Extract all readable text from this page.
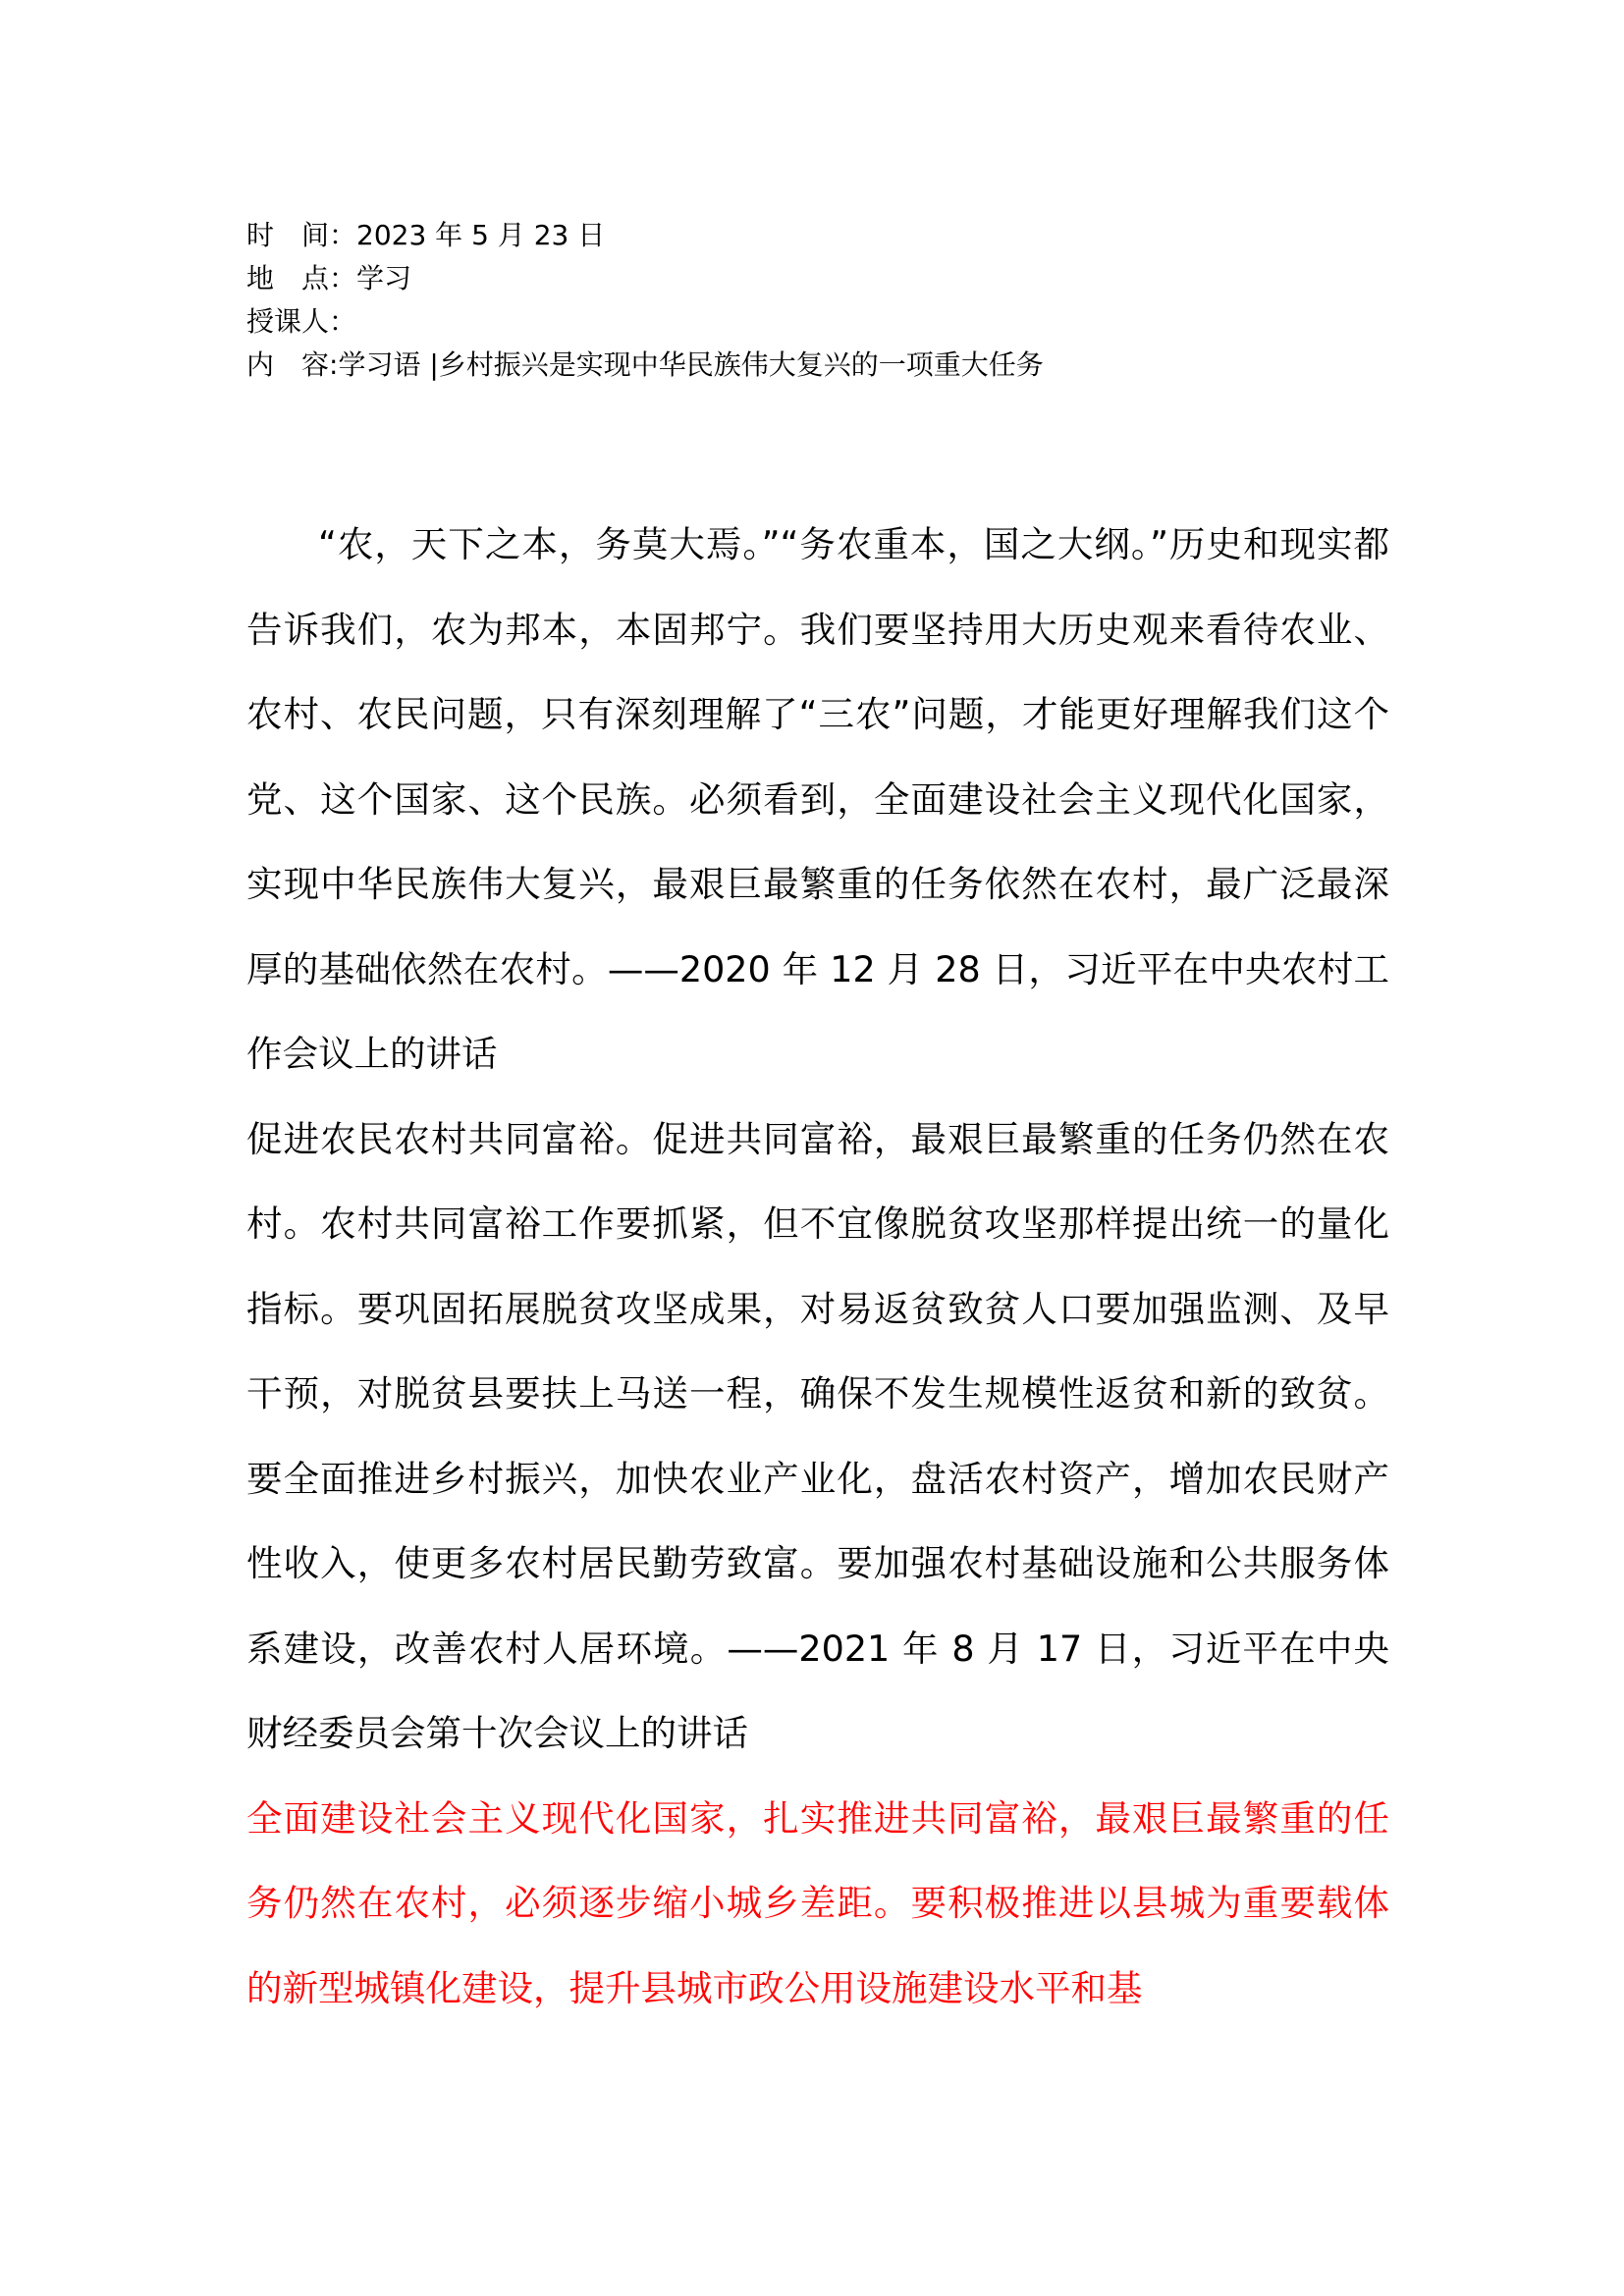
时　间：2023 年 5 月 23 日
地　点：学习
授课人：
内　容:学习语 |乡村振兴是实现中华民族伟大复兴的一项重大任务

“农，天下之本，务莫大焉。”“务农重本，国之大纲。”历史和现实都告诉我们，农为邦本，本固邦宁。我们要坚持用大历史观来看待农业、农村、农民问题，只有深刻理解了“三农”问题，才能更好理解我们这个党、这个国家、这个民族。必须看到，全面建设社会主义现代化国家，实现中华民族伟大复兴，最艰巨最繁重的任务依然在农村，最广泛最深厚的基础依然在农村。——2020 年 12 月 28 日，习近平在中央农村工作会议上的讲话

促进农民农村共同富裕。促进共同富裕，最艰巨最繁重的任务仍然在农村。农村共同富裕工作要抓紧，但不宜像脱贫攻坚那样提出统一的量化指标。要巩固拓展脱贫攻坚成果，对易返贫致贫人口要加强监测、及早干预，对脱贫县要扶上马送一程，确保不发生规模性返贫和新的致贫。要全面推进乡村振兴，加快农业产业化，盘活农村资产，增加农民财产性收入，使更多农村居民勤劳致富。要加强农村基础设施和公共服务体系建设，改善农村人居环境。——2021 年 8 月 17 日，习近平在中央财经委员会第十次会议上的讲话

全面建设社会主义现代化国家，扎实推进共同富裕，最艰巨最繁重的任务仍然在农村，必须逐步缩小城乡差距。要积极推进以县城为重要载体的新型城镇化建设，提升县城市政公用设施建设水平和基
